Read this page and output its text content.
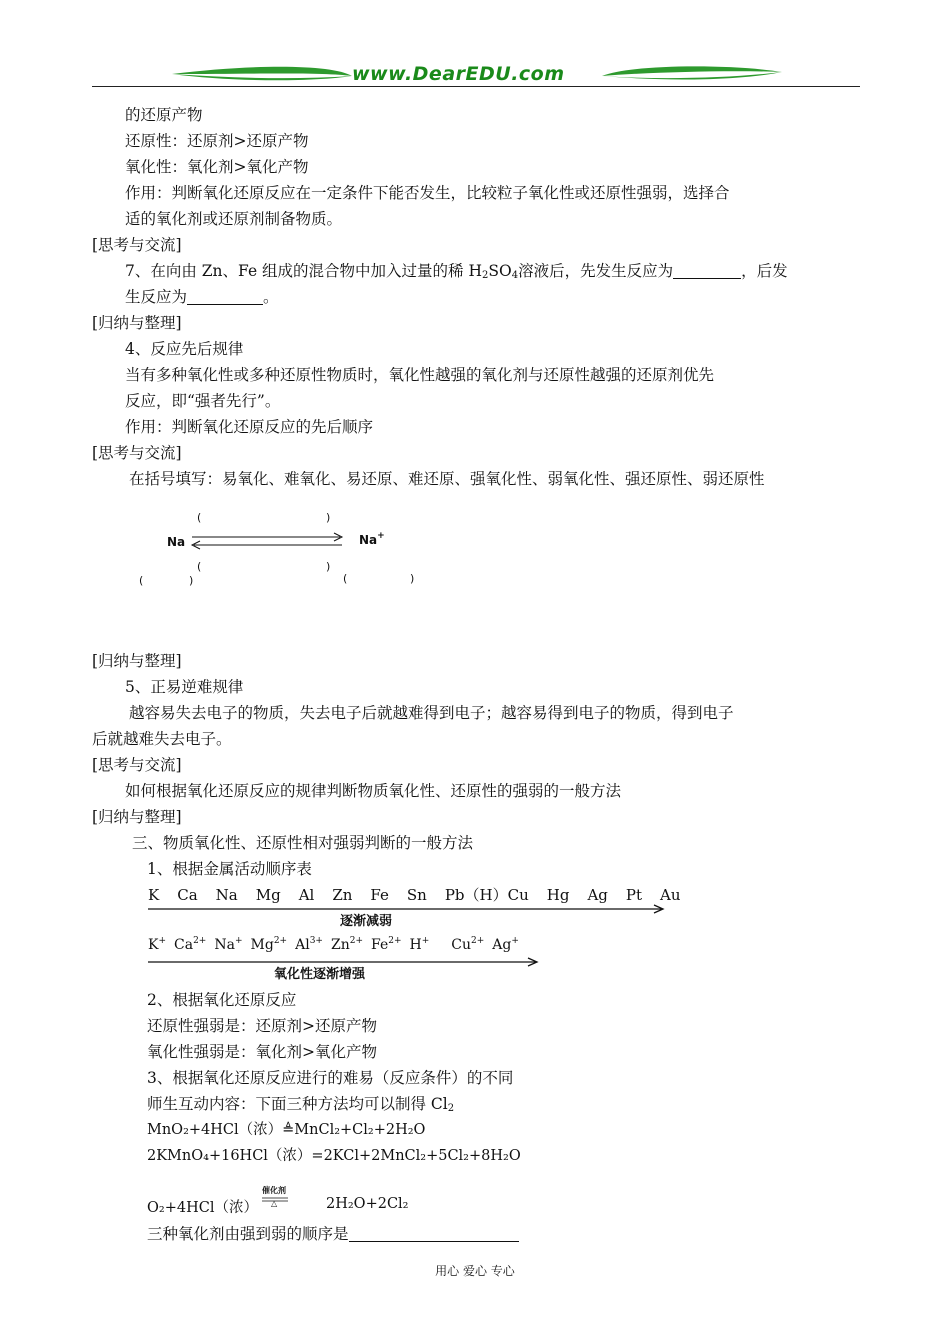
www.DearEDU.com
的还原产物
还原性：还原剂>还原产物
氧化性：氧化剂>氧化产物
作用：判断氧化还原反应在一定条件下能否发生，比较粒子氧化性或还原性强弱，选择合
适的氧化剂或还原剂制备物质。
[思考与交流]
7、在向由 Zn、Fe 组成的混合物中加入过量的稀 $H_2SO_4$溶液后，先发生反应为	，后发
生反应为	。
[归纳与整理]
4、反应先后规律
当有多种氧化性或多种还原性物质时，氧化性越强的氧化剂与还原性越强的还原剂优先
反应，即“强者先行”。
作用：判断氧化还原反应的先后顺序
[思考与交流]
在括号填写：易氧化、难氧化、易还原、难还原、强氧化性、弱氧化性、强还原性、弱还原性
(	)
Na	Na+
(	)
(	)	(	)
[归纳与整理]
5、正易逆难规律
越容易失去电子的物质，失去电子后就越难得到电子；越容易得到电子的物质，得到电子
后就越难失去电子。
[思考与交流]
如何根据氧化还原反应的规律判断物质氧化性、还原性的强弱的一般方法
[归纳与整理]
三、物质氧化性、还原性相对强弱判断的一般方法
1、根据金属活动顺序表
K Ca Na Mg Al Zn Fe Sn Pb（H）Cu Hg Ag Pt Au
逐渐减弱
K+ $Ca^{2+}$ Na+ $Mg^{2+}$ $Al^{3+}$ $Zn^{2+}$ $Fe^{2+}$ H+ $Cu^{2+}$ Ag+
氧化性逐渐增强
2、根据氧化还原反应
还原性强弱是：还原剂>还原产物
氧化性强弱是：氧化剂>氧化产物
3、根据氧化还原反应进行的难易（反应条件）的不同
师生互动内容：下面三种方法均可以制得 $Cl_2$
MnO₂+4HCl（浓）≜MnCl₂+Cl₂+2H₂O
2KMnO₄+16HCl（浓）=2KCl+2MnCl₂+5Cl₂+8H₂O
O₂+4HCl（浓）
催化剂
△	2H₂O+2Cl₂
三种氧化剂由强到弱的顺序是
用心 爱心 专心
